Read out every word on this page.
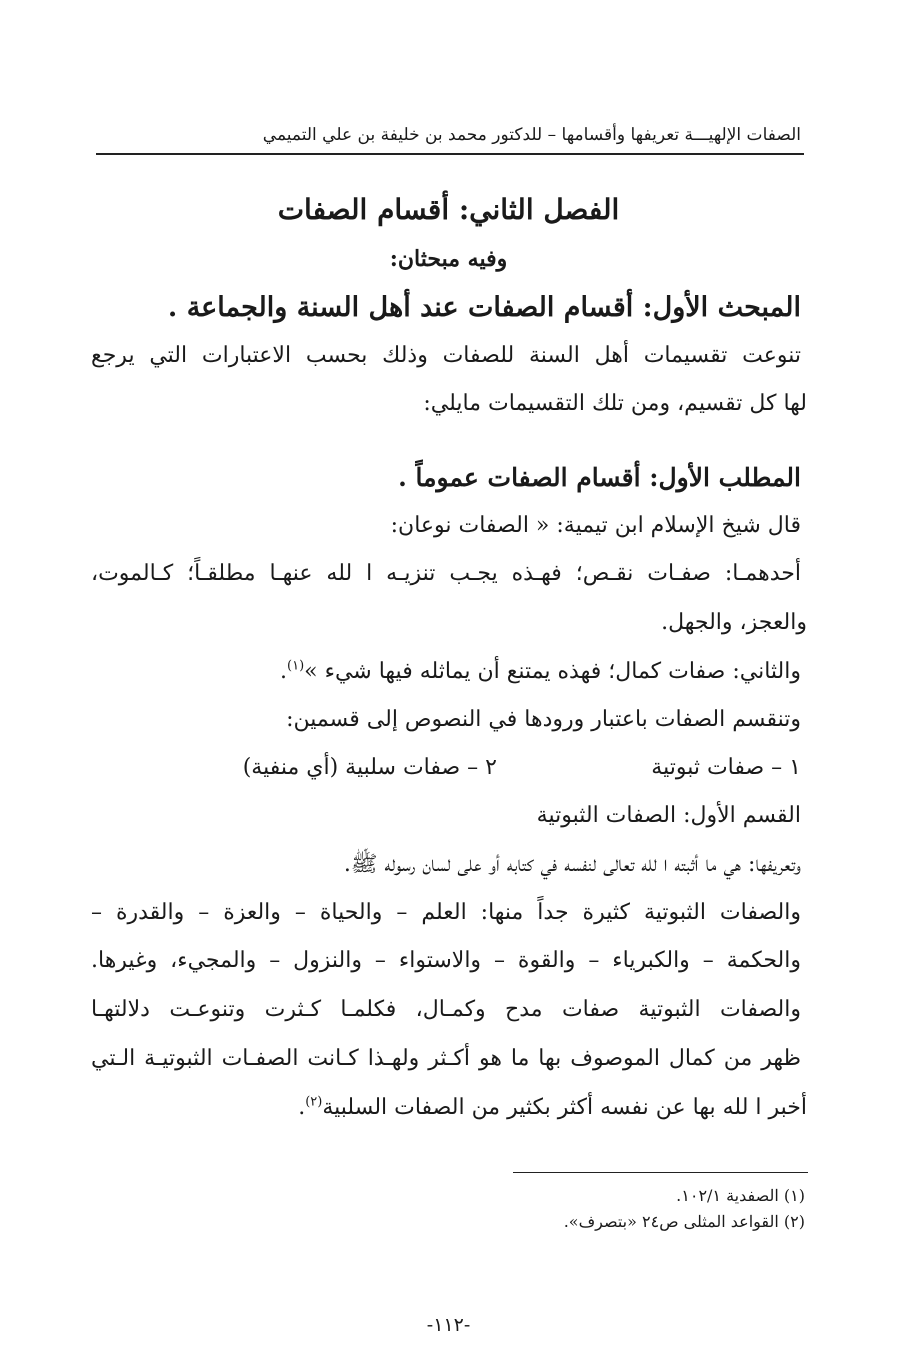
الصفات الإلهيـــة تعريفها وأقسامها – للدكتور محمد بن خليفة بن علي التميمي
الفصل الثاني: أقسام الصفات
وفيه مبحثان:
المبحث الأول: أقسام الصفات عند أهل السنة والجماعة .
تنوعت تقسيمات أهل السنة للصفات وذلك بحسب الاعتبارات التي يرجع
لها كل تقسيم، ومن تلك التقسيمات مايلي:
المطلب الأول: أقسام الصفات عموماً .
قال شيخ الإسلام ابن تيمية: « الصفات نوعان:
أحدهمـا: صفـات نقـص؛ فهـذه يجـب تنزيـه ا لله عنهـا مطلقـاً؛ كـالموت،
والعجز، والجهل.
والثاني: صفات كمال؛ فهذه يمتنع أن يماثله فيها شيء »$^{(١)}$.
وتنقسم الصفات باعتبار ورودها في النصوص إلى قسمين:
١ – صفات ثبوتية
٢ – صفات سلبية (أي منفية)
القسم الأول: الصفات الثبوتية
وتعريفها: هي ما أثبته ا لله تعالى لنفسه في كتابه أو على لسان رسوله ﷺ.
والصفات الثبوتية كثيرة جداً منها: العلم – والحياة – والعزة – والقدرة –
والحكمة – والكبرياء – والقوة – والاستواء – والنزول – والمجيء، وغيرها.
والصفات الثبوتية صفات مدح وكمـال، فكلمـا كـثرت وتنوعـت دلالتهـا
ظهر من كمال الموصوف بها ما هو أكـثر ولهـذا كـانت الصفـات الثبوتيـة الـتي
أخبر ا لله بها عن نفسه أكثر بكثير من الصفات السلبية$^{(٢)}$.
(١) الصفدية ١٠٢/١.
(٢) القواعد المثلى ص٢٤ «بتصرف».
-١١٢-
